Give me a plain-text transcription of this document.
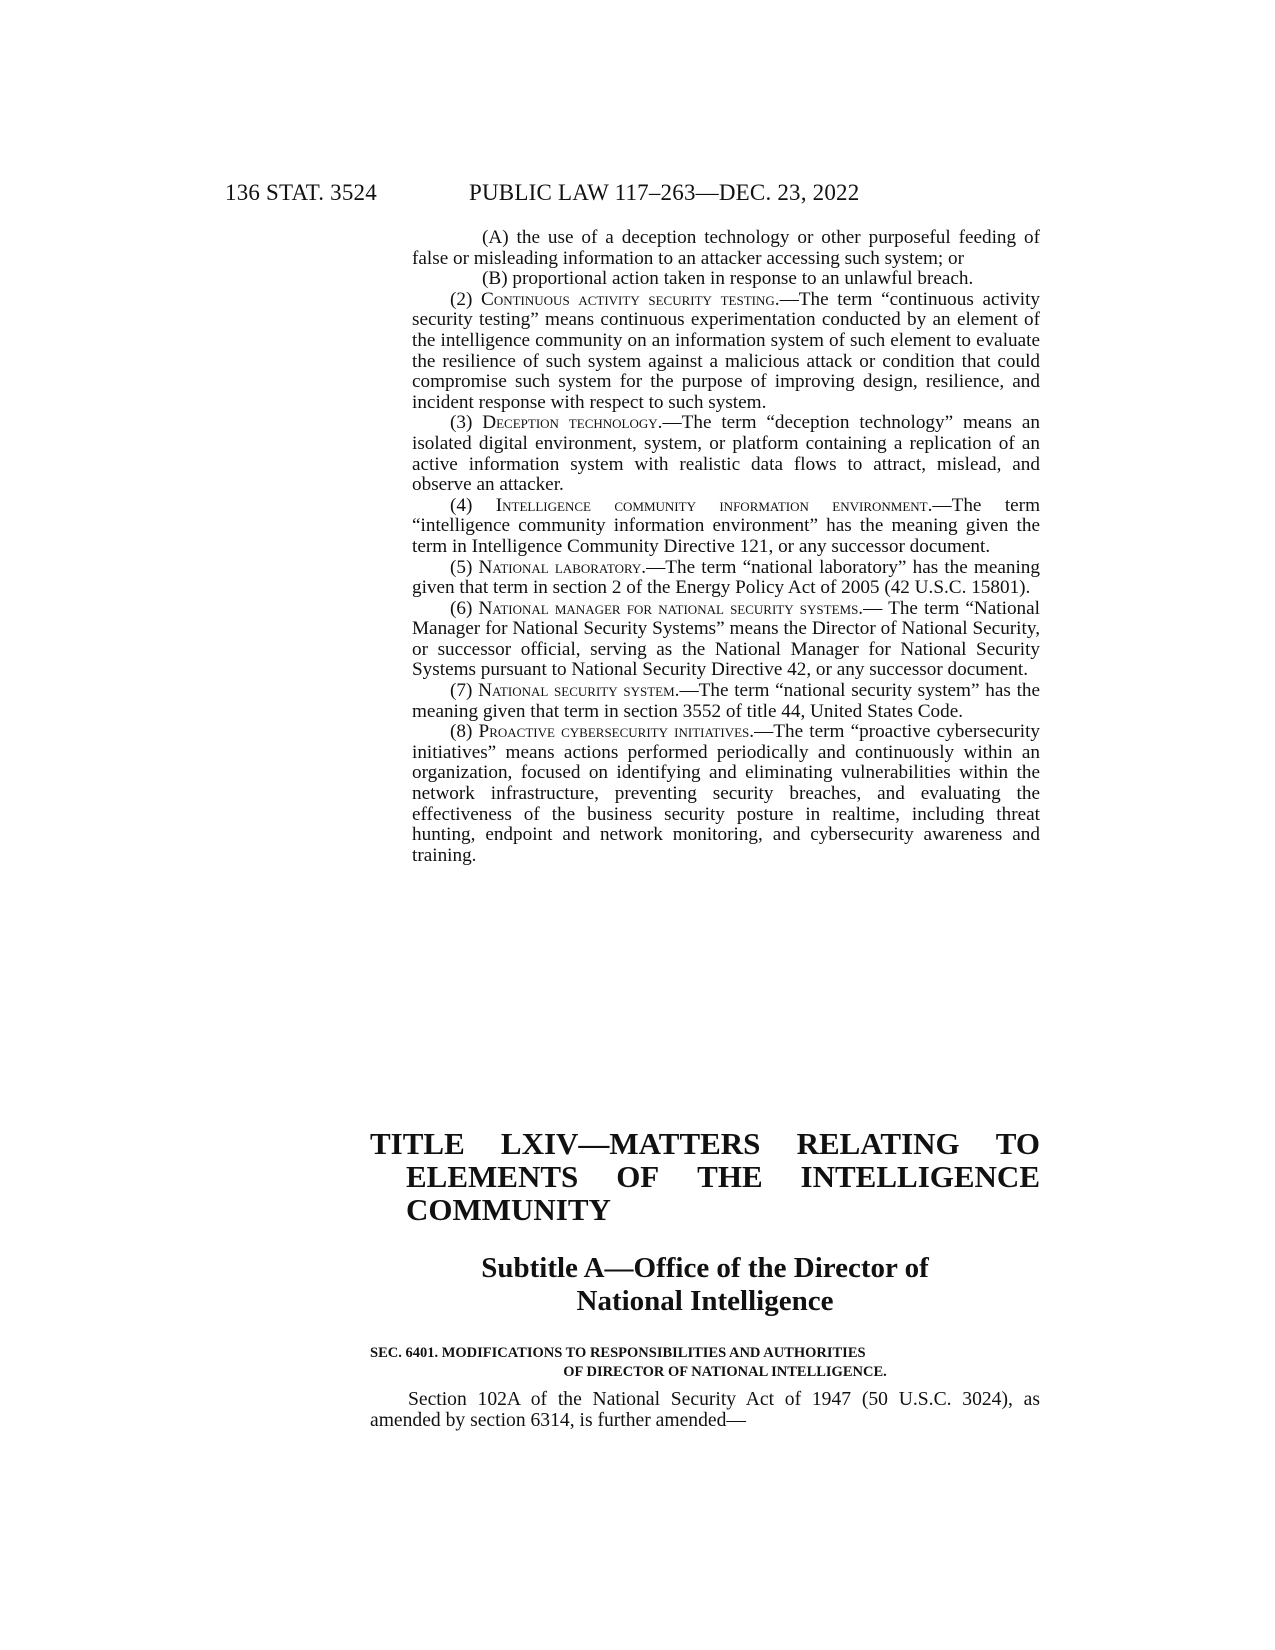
136 STAT. 3524	PUBLIC LAW 117–263—DEC. 23, 2022

(A) the use of a deception technology or other purposeful feeding of false or misleading information to an attacker accessing such system; or

(B) proportional action taken in response to an unlawful breach.

(2) Continuous activity security testing.—The term “continuous activity security testing” means continuous experimentation conducted by an element of the intelligence community on an information system of such element to evaluate the resilience of such system against a malicious attack or condition that could compromise such system for the purpose of improving design, resilience, and incident response with respect to such system.

(3) Deception technology.—The term “deception technology” means an isolated digital environment, system, or platform containing a replication of an active information system with realistic data flows to attract, mislead, and observe an attacker.

(4) Intelligence community information environment.—The term “intelligence community information environment” has the meaning given the term in Intelligence Community Directive 121, or any successor document.

(5) National laboratory.—The term “national laboratory” has the meaning given that term in section 2 of the Energy Policy Act of 2005 (42 U.S.C. 15801).

(6) National manager for national security systems.— The term “National Manager for National Security Systems” means the Director of National Security, or successor official, serving as the National Manager for National Security Systems pursuant to National Security Directive 42, or any successor document.

(7) National security system.—The term “national security system” has the meaning given that term in section 3552 of title 44, United States Code.

(8) Proactive cybersecurity initiatives.—The term “proactive cybersecurity initiatives” means actions performed periodically and continuously within an organization, focused on identifying and eliminating vulnerabilities within the network infrastructure, preventing security breaches, and evaluating the effectiveness of the business security posture in realtime, including threat hunting, endpoint and network monitoring, and cybersecurity awareness and training.

TITLE LXIV—MATTERS RELATING TO
ELEMENTS OF THE INTELLIGENCE
COMMUNITY
Subtitle A—Office of the Director of
National Intelligence
SEC. 6401. MODIFICATIONS TO RESPONSIBILITIES AND AUTHORITIES
OF DIRECTOR OF NATIONAL INTELLIGENCE.

Section 102A of the National Security Act of 1947 (50 U.S.C. 3024), as amended by section 6314, is further amended—
